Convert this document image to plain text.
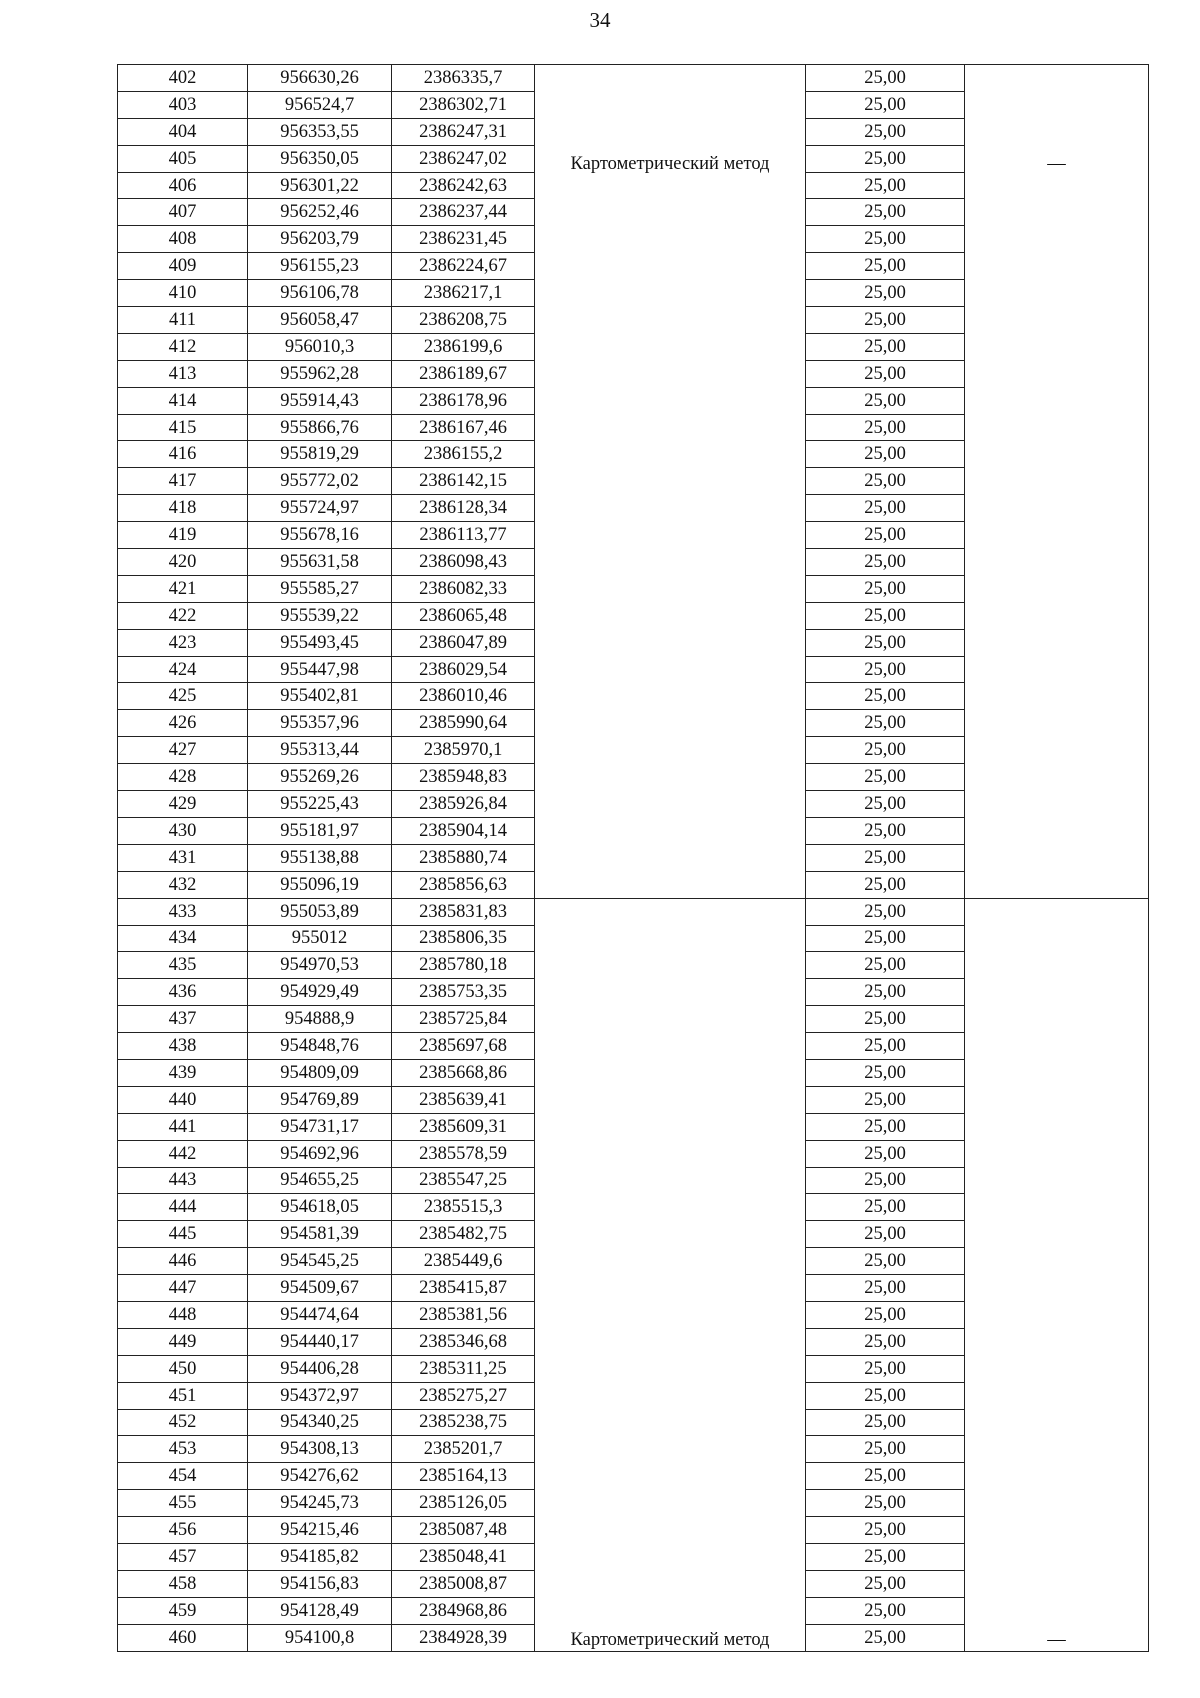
34
402	956630,26	2386335,7	Картометрический метод	25,00	—

403	956524,7	2386302,71		25,00	
404	956353,55	2386247,31		25,00	
405	956350,05	2386247,02		25,00	
406	956301,22	2386242,63		25,00	
407	956252,46	2386237,44		25,00	
408	956203,79	2386231,45		25,00	
409	956155,23	2386224,67		25,00	
410	956106,78	2386217,1		25,00	
411	956058,47	2386208,75		25,00	
412	956010,3	2386199,6		25,00	
413	955962,28	2386189,67		25,00	
414	955914,43	2386178,96		25,00	
415	955866,76	2386167,46		25,00	
416	955819,29	2386155,2		25,00	
417	955772,02	2386142,15		25,00	
418	955724,97	2386128,34		25,00	
419	955678,16	2386113,77		25,00	
420	955631,58	2386098,43		25,00	
421	955585,27	2386082,33		25,00	
422	955539,22	2386065,48		25,00	
423	955493,45	2386047,89		25,00	
424	955447,98	2386029,54		25,00	
425	955402,81	2386010,46		25,00	
426	955357,96	2385990,64		25,00	
427	955313,44	2385970,1		25,00	
428	955269,26	2385948,83		25,00	
429	955225,43	2385926,84		25,00	
430	955181,97	2385904,14		25,00	
431	955138,88	2385880,74		25,00	
432	955096,19	2385856,63		25,00	
433	955053,89	2385831,83	Картометрический метод	25,00	—

434	955012	2385806,35		25,00	
435	954970,53	2385780,18		25,00	
436	954929,49	2385753,35		25,00	
437	954888,9	2385725,84		25,00	
438	954848,76	2385697,68		25,00	
439	954809,09	2385668,86		25,00	
440	954769,89	2385639,41		25,00	
441	954731,17	2385609,31		25,00	
442	954692,96	2385578,59		25,00	
443	954655,25	2385547,25		25,00	
444	954618,05	2385515,3		25,00	
445	954581,39	2385482,75		25,00	
446	954545,25	2385449,6		25,00	
447	954509,67	2385415,87		25,00	
448	954474,64	2385381,56		25,00	
449	954440,17	2385346,68		25,00	
450	954406,28	2385311,25		25,00	
451	954372,97	2385275,27		25,00	
452	954340,25	2385238,75		25,00	
453	954308,13	2385201,7		25,00	
454	954276,62	2385164,13		25,00	
455	954245,73	2385126,05		25,00	
456	954215,46	2385087,48		25,00	
457	954185,82	2385048,41		25,00	
458	954156,83	2385008,87		25,00	
459	954128,49	2384968,86		25,00	
460	954100,8	2384928,39		25,00	
